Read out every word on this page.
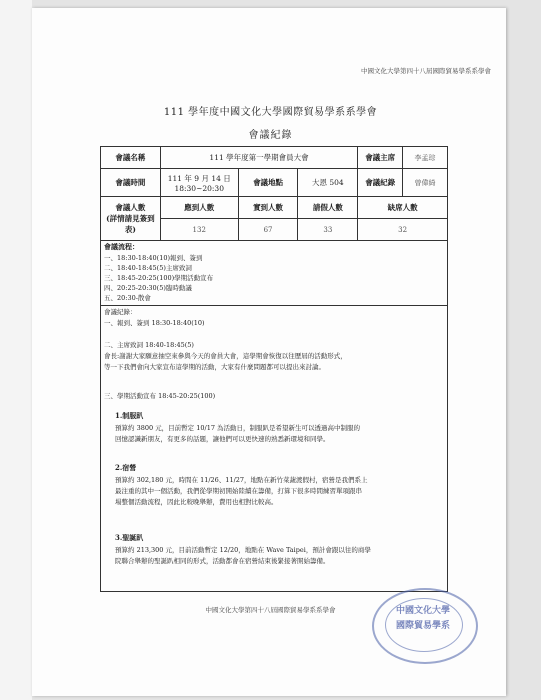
中國文化大學第四十八屆國際貿易學系系學會
111 學年度中國文化大學國際貿易學系系學會
會議紀錄
會議名稱	111 學年度第一學期會員大會			會議主席	李孟琮
會議時間	111 年 9 月 14 日
18:30~20:30	會議地點	大恩 504	會議紀錄	曾偉綺

會議人數
(詳情請見簽到表)	應到人數	實到人數	請假人數	缺席人數	
	132	67	33	32	
會議流程：
一、18:30-18:40(10)報到、簽到
二、18:40-18:45(5)主席致詞
三、18:45-20:25(100)學期活動宣布
四、20:25-20:30(5)臨時動議
五、20:30-散會
會議紀錄：
一、報到、簽到 18:30-18:40(10)
二、主席致詞 18:40-18:45(5)
會長:謝謝大家願意抽空來參與今天的會員大會，這學期會恢復以往歷屆的活動形式，
等一下我們會向大家宣布這學期的活動，大家有什麼問題都可以提出來討論。
三、學期活動宣布 18:45-20:25(100)
1.制服趴
預算約 3800 元，目前暫定 10/17 為活動日，制服趴是希望新生可以透過高中制服的
回憶認識新朋友，有更多的話題，讓他們可以更快速的熟悉新環境和同學。
2.宿營
預算約 302,180 元，時間在 11/26、11/27，地點在新竹菜蔬渡假村，宿營是我們系上
最注重的其中一個活動，我們從學期初開始陸續在籌備，打算下很多時間練習單項跟串
場整個活動流程，因此比較晚舉辦，費用也相對比較高。
3.聖誕趴
預算約 213,300 元，目前活動暫定 12/20，地點在 Wave Taipei，預計會跟以往的商學
院聯合舉辦的聖誕趴相同的形式，活動都會在宿營結束後緊接著開始籌備。
中國文化大學第四十八屆國際貿易學系系學會	中國文化大學
國際貿易學系
